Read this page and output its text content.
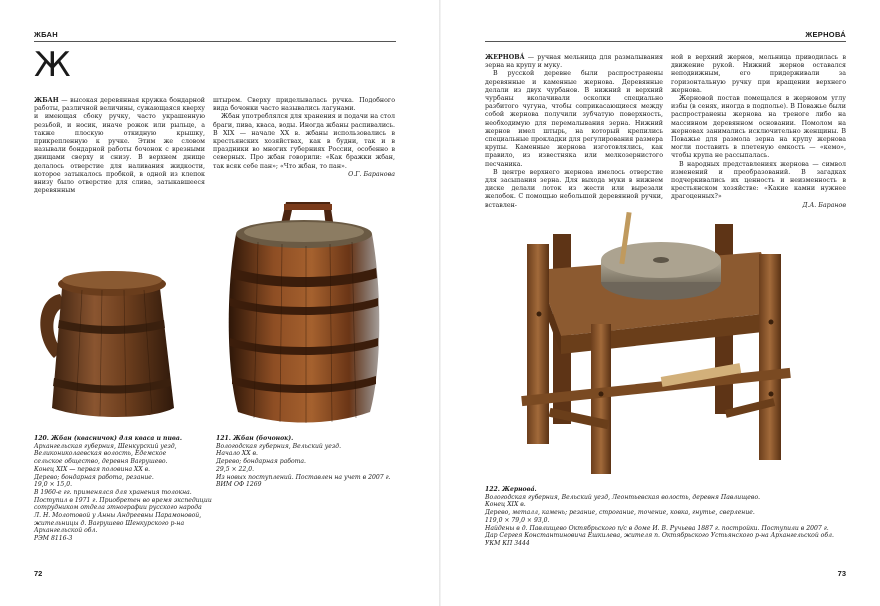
ЖБАН
Ж

ЖБАН — высокая деревянная кружка бондарной работы, различной величины, сужающаяся кверху и имеющая сбоку ручку, часто украшенную резьбой, и носик, иначе рожок или рыльце, а также плоскую откидную крышку, прикрепленную к ручке. Этим же словом называли бондарной работы бочонок с врезными днищами сверху и снизу. В верхнем днище делалось отверстие для наливания жидкости, которое затыкалось пробкой, в одной из клепок внизу было отверстие для слива, затыкавшееся деревянным

штырем. Сверху приделывалась ручка. Подобного вида бочонки часто назывались лагунами.

Жбан употреблялся для хранения и подачи на стол браги, пива, кваса, воды. Иногда жбаны распивались. В XIX — начале XX в. жбаны использовались в крестьянских хозяйствах, как в будни, так и в праздники во многих губерниях России, особенно в северных. Про жбан говорили: «Как бражки жбан, так всяк себе пан»; «Что жбан, то пан».

О.Г. Баранова
120. Жбан (квасничок) для кваса и пива.
Архангельская губерния, Шенкурский уезд,
Великониколаевская волость, Едемское
сельское общество, деревня Вагрушево.
Конец XIX — первая половина XX в.
Дерево; бондарная работа, резание.
19,0 × 15,0.
В 1960-е гг. применялся для хранения толокна.
Поступил в 1971 г. Приобретен во время экспедиции
сотрудником отдела этнографии русского народа
Л. Н. Молотовой у Анны Андреевны Парамоновой,
жительницы д. Вагрушево Шенкурского р-на
Архангельской обл.
РЭМ 8116-3
121. Жбан (бочонок).
Вологодская губерния, Вельский уезд.
Начало XX в.
Дерево; бондарная работа.
29,5 × 22,0.
Из новых поступлений. Поставлен на учет в 2007 г.
ВИМ ОФ 1269
72
ЖЕРНОВА́

ЖЕРНОВА́ — ручная мельница для размалывания зерна на крупу и муку.

В русской деревне были распространены деревянные и каменные жернова. Деревянные делали из двух чурбанов. В нижний и верхний чурбаны вколачивали осколки специально разбитого чугуна, чтобы соприкасающиеся между собой жернова получили зубчатую поверхность, необходимую для перемалывания зерна. Нижний жернов имел штырь, на который крепились специальные прокладки для регулирования размера крупы. Каменные жернова изготовлялись, как правило, из известняка или мелкозернистого песчаника.

В центре верхнего жернова имелось отверстие для засыпания зерна. Для выхода муки в нижнем диске делали лоток из жести или вырезали желобок. С помощью небольшой деревянной ручки, вставлен-

ной в верхний жернов, мельница приводилась в движение рукой. Нижний жернов оставался неподвижным, его придерживали за горизонтальную ручку при вращении верхнего жернова.

Жерновой постав помещался в жерновом углу избы (в сенях, иногда в подполье). В Поважье были распространены жернова на треноге либо на массивном деревянном основании. Помолом на жерновах занимались исключительно женщины. В Поважье для размола зерна на крупу жернова могли поставить в плетеную емкость — «кемо», чтобы крупа не рассыпалась.

В народных представлениях жернова — символ изменений и преобразований. В загадках подчеркивались их ценность и неизменность в крестьянском хозяйстве: «Какие камни нужнее драгоценных?»

Д.А. Баранов
122. Жернова́.
Вологодская губерния, Вельский уезд, Леонтьевская волость, деревня Павлищево.
Конец XIX в.
Дерево, металл, камень; резание, строгание, точение, ковка, гнутье, сверление.
119,0 × 79,0 × 93,0.
Найдены в д. Павлищево Октябрьского п/с в доме И. В. Ручьева 1887 г. постройки. Поступили в 2007 г.
Дар Сергея Константиновича Ешкилева, жителя п. Октябрьского Устьянского р-на Архангельской обл.
УКМ КП 3444
73
